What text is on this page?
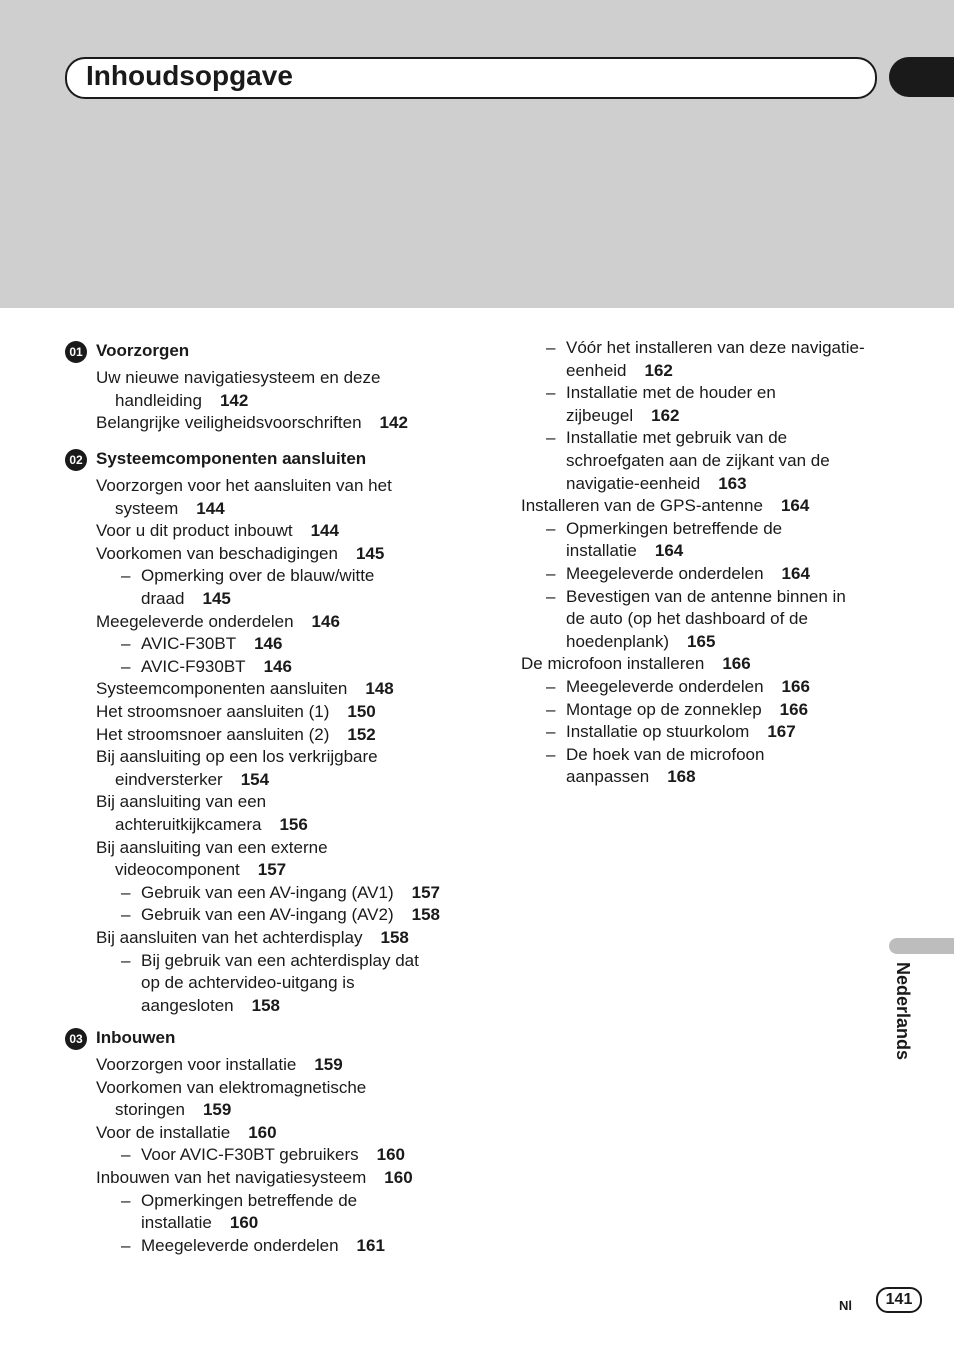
Inhoudsopgave
01 Voorzorgen
Uw nieuwe navigatiesysteem en deze
handleiding 142
Belangrijke veiligheidsvoorschriften 142
02 Systeemcomponenten aansluiten
Voorzorgen voor het aansluiten van het
systeem 144
Voor u dit product inbouwt 144
Voorkomen van beschadigingen 145
– Opmerking over de blauw/witte
draad 145
Meegeleverde onderdelen 146
– AVIC-F30BT 146
– AVIC-F930BT 146
Systeemcomponenten aansluiten 148
Het stroomsnoer aansluiten (1) 150
Het stroomsnoer aansluiten (2) 152
Bij aansluiting op een los verkrijgbare
eindversterker 154
Bij aansluiting van een
achteruitkijkcamera 156
Bij aansluiting van een externe
videocomponent 157
– Gebruik van een AV-ingang (AV1) 157
– Gebruik van een AV-ingang (AV2) 158
Bij aansluiten van het achterdisplay 158
– Bij gebruik van een achterdisplay dat
op de achtervideo-uitgang is
aangesloten 158
03 Inbouwen
Voorzorgen voor installatie 159
Voorkomen van elektromagnetische
storingen 159
Voor de installatie 160
– Voor AVIC-F30BT gebruikers 160
Inbouwen van het navigatiesysteem 160
– Opmerkingen betreffende de
installatie 160
– Meegeleverde onderdelen 161
– Vóór het installeren van deze navigatie-
eenheid 162
– Installatie met de houder en
zijbeugel 162
– Installatie met gebruik van de
schroefgaten aan de zijkant van de
navigatie-eenheid 163
Installeren van de GPS-antenne 164
– Opmerkingen betreffende de
installatie 164
– Meegeleverde onderdelen 164
– Bevestigen van de antenne binnen in
de auto (op het dashboard of de
hoedenplank) 165
De microfoon installeren 166
– Meegeleverde onderdelen 166
– Montage op de zonneklep 166
– Installatie op stuurkolom 167
– De hoek van de microfoon
aanpassen 168
Nederlands
Nl	141
